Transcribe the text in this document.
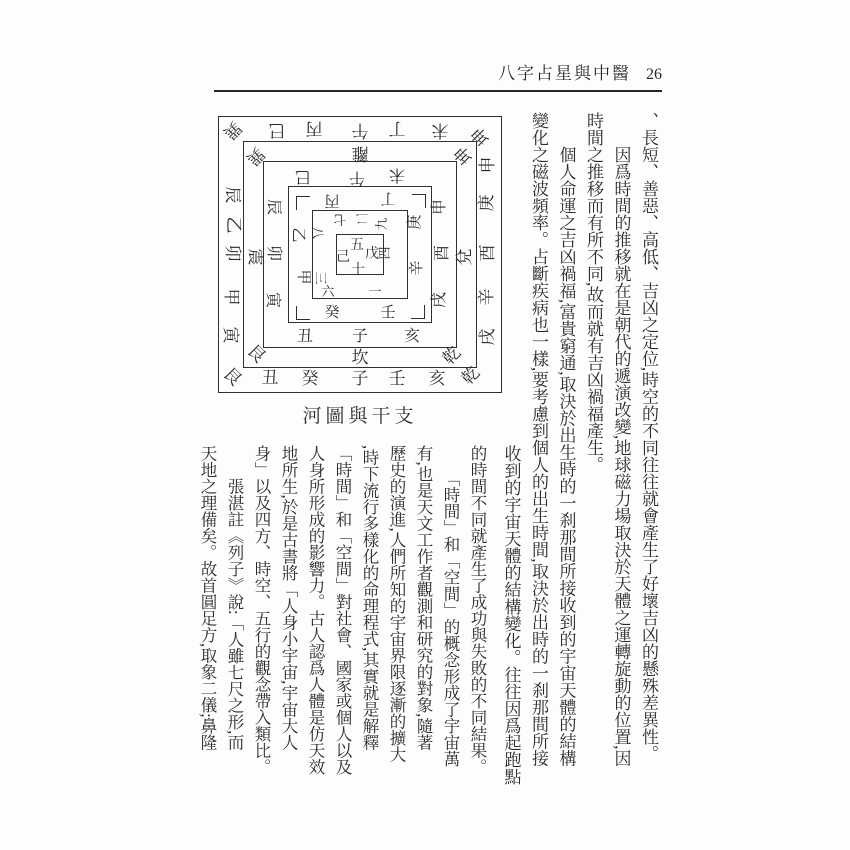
八字占星與中醫 26
巽 巳 丙 午 丁 未 坤
申
庚
酉
辛
戌
乾
亥
壬
子
癸
丑
艮
寅
甲
卯
乙
辰
離	坤
兌
乾
坎
艮
震
巽
巳 午 未
申
酉
戌
亥
子
丑
寅
卯
辰	丙	丁
庚
辛
壬
癸
甲
乙
七 二 九
四
一
六
三
八
五
戊
己
十
河圖與干支	、長短、善惡、高低、吉凶之定位,時空的不同往往就會產生了好壞吉凶的懸殊差異性。
因爲時間的推移就在是朝代的遞演改變,地球磁力場取決於天體之運轉旋動的位置,因
時間之推移而有所不同,故而就有吉凶禍福產生。
個人命運之吉凶禍福,富貴窮通,取決於出生時的一刹那間所接收到的宇宙天體的結構
變化之磁波頻率。占斷疾病也一樣,要考慮到個人的出生時間,取決於出時的一刹那間所接
收到的宇宙天體的結構變化。往往因爲起跑點
的時間不同就產生了成功與失敗的不同結果。
「時間」和「空間」的概念形成了宇宙萬
有,也是天文工作者觀測和研究的對象,隨著
歷史的演進,人們所知的宇宙界限逐漸的擴大
,時下流行多樣化的命理程式,其實就是解釋
「時間」和「空間」對社會、國家或個人以及
人身所形成的影響力。古人認爲人體是仿天效
地所生,於是古書將「人身小宇宙,宇宙大人
身」以及四方、時空、五行的觀念帶入類比。
張湛註《列子》說:「人雖七尺之形,而
天地之理備矣。故首圓足方,取象二儀;鼻隆
